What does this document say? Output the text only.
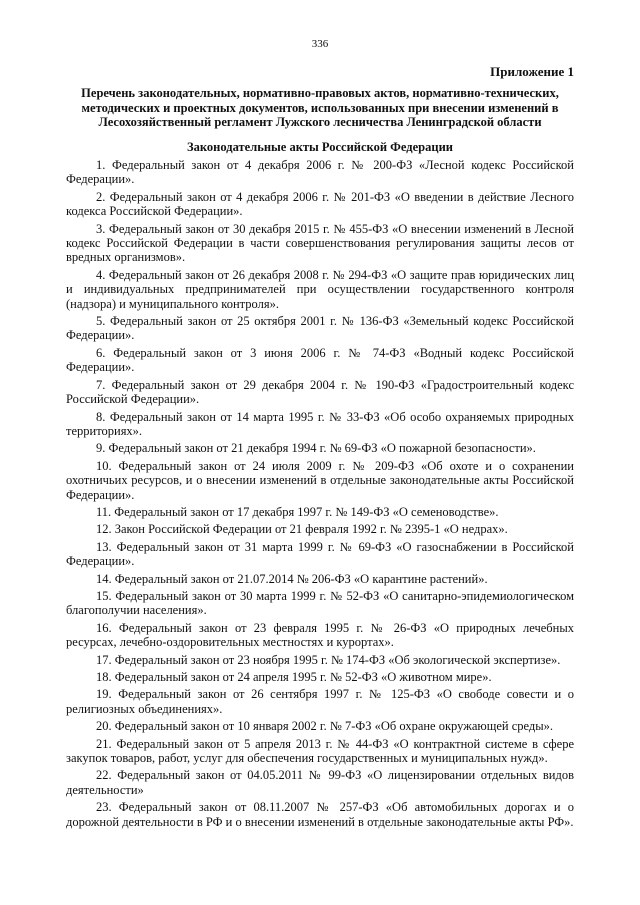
336
Приложение 1
Перечень законодательных, нормативно-правовых актов, нормативно-технических, методических и проектных документов, использованных при внесении изменений в Лесохозяйственный регламент Лужского лесничества Ленинградской области
Законодательные акты Российской Федерации

1. Федеральный закон от 4 декабря 2006 г. № 200-ФЗ «Лесной кодекс Российской Федерации».

2. Федеральный закон от 4 декабря 2006 г. № 201-ФЗ «О введении в действие Лесного кодекса Российской Федерации».

3. Федеральный закон от 30 декабря 2015 г. № 455-ФЗ «О внесении изменений в Лесной кодекс Российской Федерации в части совершенствования регулирования защиты лесов от вредных организмов».

4. Федеральный закон от 26 декабря 2008 г. № 294-ФЗ «О защите прав юридических лиц и индивидуальных предпринимателей при осуществлении государственного контроля (надзора) и муниципального контроля».

5. Федеральный закон от 25 октября 2001 г. № 136-ФЗ «Земельный кодекс Российской Федерации».

6. Федеральный закон от 3 июня 2006 г. № 74-ФЗ «Водный кодекс Российской Федерации».

7. Федеральный закон от 29 декабря 2004 г. № 190-ФЗ «Градостроительный кодекс Российской Федерации».

8. Федеральный закон от 14 марта 1995 г. № 33-ФЗ «Об особо охраняемых природных территориях».

9. Федеральный закон от 21 декабря 1994 г. № 69-ФЗ «О пожарной безопасности».

10. Федеральный закон от 24 июля 2009 г. № 209-ФЗ «Об охоте и о сохранении охотничьих ресурсов, и о внесении изменений в отдельные законодательные акты Российской Федерации».

11. Федеральный закон от 17 декабря 1997 г. № 149-ФЗ «О семеноводстве».

12. Закон Российской Федерации от 21 февраля 1992 г. № 2395-1 «О недрах».

13. Федеральный закон от 31 марта 1999 г. № 69-ФЗ «О газоснабжении в Российской Федерации».

14. Федеральный закон от 21.07.2014 № 206-ФЗ «О карантине растений».

15. Федеральный закон от 30 марта 1999 г. № 52-ФЗ «О санитарно-эпидемиологическом благополучии населения».

16. Федеральный закон от 23 февраля 1995 г. № 26-ФЗ «О природных лечебных ресурсах, лечебно-оздоровительных местностях и курортах».

17. Федеральный закон от 23 ноября 1995 г. № 174-ФЗ «Об экологической экспертизе».

18. Федеральный закон от 24 апреля 1995 г. № 52-ФЗ «О животном мире».

19. Федеральный закон от 26 сентября 1997 г. № 125-ФЗ «О свободе совести и о религиозных объединениях».

20. Федеральный закон от 10 января 2002 г. № 7-ФЗ «Об охране окружающей среды».

21. Федеральный закон от 5 апреля 2013 г. № 44-ФЗ «О контрактной системе в сфере закупок товаров, работ, услуг для обеспечения государственных и муниципальных нужд».

22. Федеральный закон от 04.05.2011 № 99-ФЗ «О лицензировании отдельных видов деятельности»

23. Федеральный закон от 08.11.2007 № 257-ФЗ «Об автомобильных дорогах и о дорожной деятельности в РФ и о внесении изменений в отдельные законодательные акты РФ».
